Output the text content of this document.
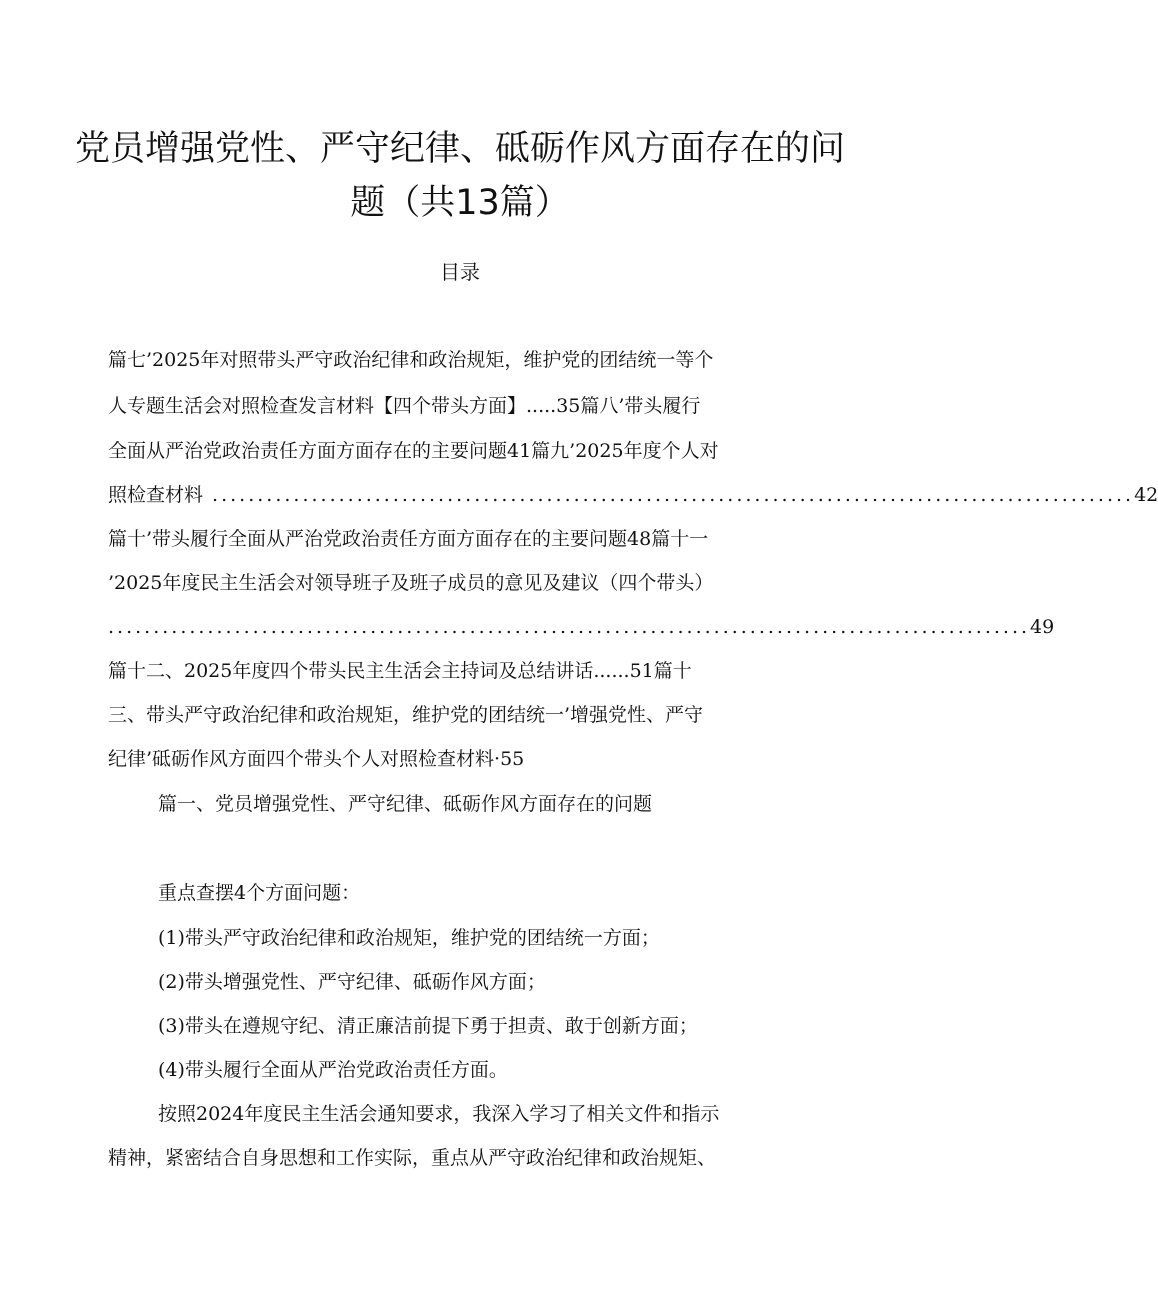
党员增强党性、严守纪律、砥砺作风方面存在的问
题（共13篇）
目录
篇七’2025年对照带头严守政治纪律和政治规矩，维护党的团结统一等个
人专题生活会对照检查发言材料【四个带头方面】.....35篇八’带头履行
全面从严治党政治责任方面方面存在的主要问题41篇九’2025年度个人对
照检查材料 ...................................................................................................... 42
篇十’带头履行全面从严治党政治责任方面方面存在的主要问题48篇十一
’2025年度民主生活会对领导班子及班子成员的意见及建议（四个带头）
...................................................................................................... 49
篇十二、2025年度四个带头民主生活会主持词及总结讲话......51篇十
三、带头严守政治纪律和政治规矩，维护党的团结统一’增强党性、严守
纪律’砥砺作风方面四个带头个人对照检查材料·55
篇一、党员增强党性、严守纪律、砥砺作风方面存在的问题
重点查摆4个方面问题：
(1)带头严守政治纪律和政治规矩，维护党的团结统一方面；
(2)带头增强党性、严守纪律、砥砺作风方面；
(3)带头在遵规守纪、清正廉洁前提下勇于担责、敢于创新方面；
(4)带头履行全面从严治党政治责任方面。
按照2024年度民主生活会通知要求，我深入学习了相关文件和指示
精神，紧密结合自身思想和工作实际，重点从严守政治纪律和政治规矩、
